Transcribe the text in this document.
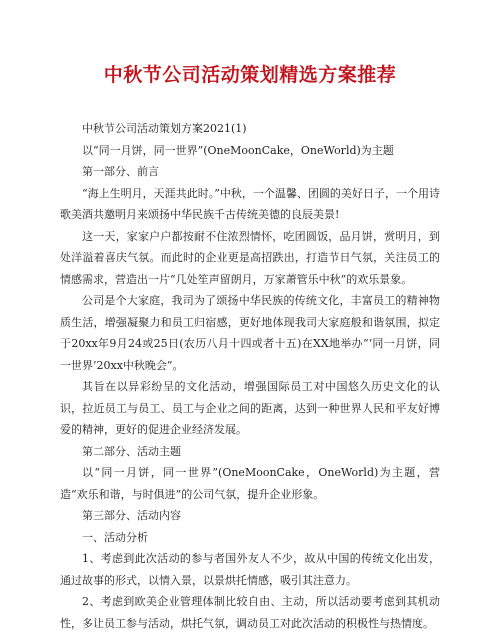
中秋节公司活动策划精选方案推荐

中秋节公司活动策划方案2021(1)

以“同一月饼，同一世界”(OneMoonCake，OneWorld)为主题

第一部分、前言

“海上生明月，天涯共此时。”中秋，一个温馨、团圆的美好日子，一个用诗歌美酒共邀明月来颂扬中华民族千古传统美德的良辰美景!

这一天，家家户户都按耐不住浓烈情怀，吃团圆饭，品月饼，赏明月，到处洋溢着喜庆气氛。而此时的企业更是高招跌出，打造节日气氛，关注员工的情感需求，营造出一片“几处笙声留朗月，万家萧管乐中秋”的欢乐景象。

公司是个大家庭，我司为了颂扬中华民族的传统文化，丰富员工的精神物质生活，增强凝聚力和员工归宿感，更好地体现我司大家庭般和谐氛围，拟定于20xx年9月24或25日(农历八月十四或者十五)在XX地举办“‘同一月饼，同一世界’20xx中秋晚会”。

其旨在以异彩纷呈的文化活动，增强国际员工对中国悠久历史文化的认识，拉近员工与员工、员工与企业之间的距离，达到一种世界人民和平友好博爱的精神，更好的促进企业经济发展。

第二部分、活动主题

以“同一月饼，同一世界”(OneMoonCake，OneWorld)为主题，营造“欢乐和谐，与时俱进”的公司气氛，提升企业形象。

第三部分、活动内容

一、活动分析

1、考虑到此次活动的参与者国外友人不少，故从中国的传统文化出发，通过故事的形式，以情入景，以景烘托情感，吸引其注意力。

2、考虑到欧美企业管理体制比较自由、主动，所以活动要考虑到其机动性，多让员工参与活动，烘托气氛，调动员工对此次活动的积极性与热情度。
